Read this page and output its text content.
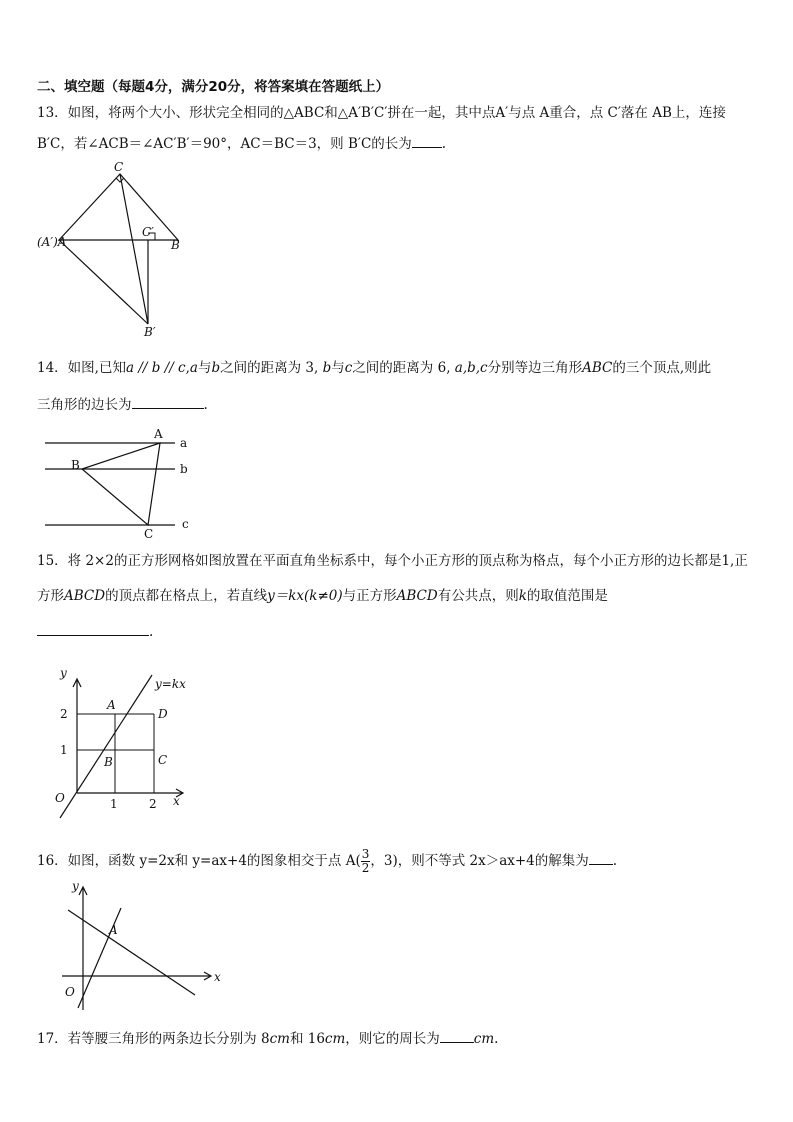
二、填空题（每题4分，满分20分，将答案填在答题纸上）
13．如图，将两个大小、形状完全相同的△ABC和△A′B′C′拼在一起，其中点A′与点 A重合，点 C′落在 AB上，连接
B′C，若∠ACB＝∠AC′B′＝90°，AC＝BC＝3，则 B′C的长为 .
C
C′
(A′)A	B
B′
14．如图,已知a // b // c,a与b之间的距离为 3, b与c之间的距离为 6, a,b,c分别等边三角形ABC的三个顶点,则此
三角形的边长为	.
A
B
C
a
b
c
15．将 2×2的正方形网格如图放置在平面直角坐标系中，每个小正方形的顶点称为格点，每个小正方形的边长都是1,正
方形ABCD的顶点都在格点上，若直线y＝kx(k≠0)与正方形ABCD有公共点，则k的取值范围是
.
y
x
y=kx
A
B	C
D
O	1	2
1
2
16．如图，函数 y=2x和 y=ax+4的图象相交于点 $A( \frac{3}{2}$ ，3)，则不等式 2x＞ax+4的解集为 .
y
x
A
O
17．若等腰三角形的两条边长分别为 8cm和 16cm，则它的周长为	cm.
